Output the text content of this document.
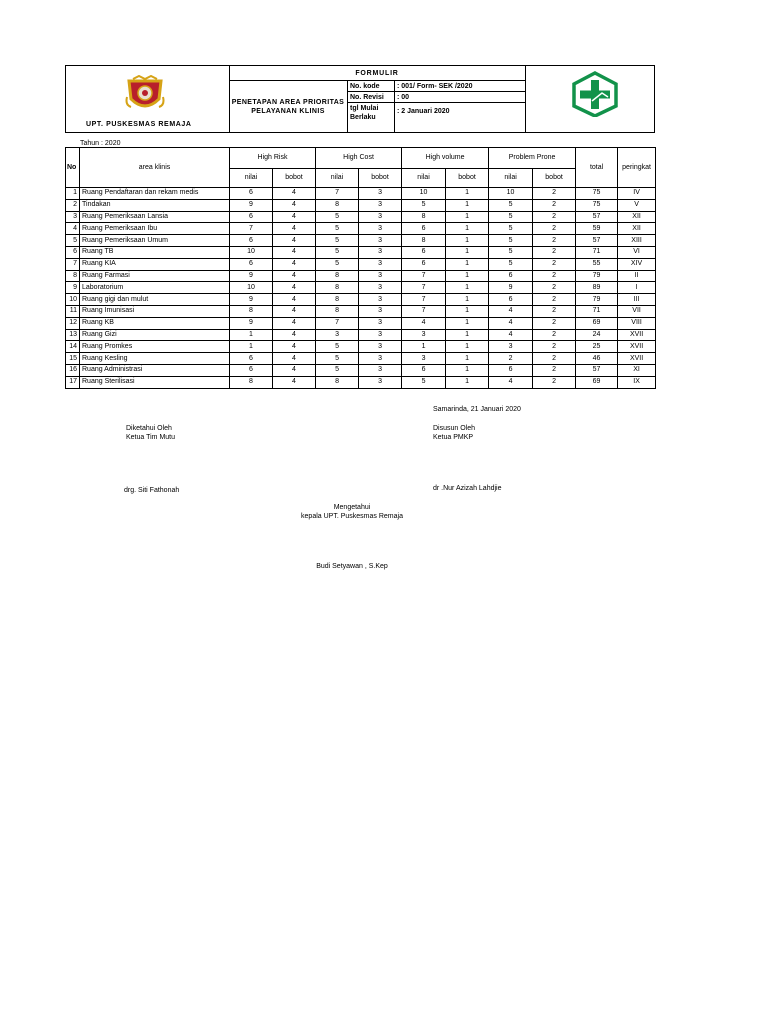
UPT. PUSKESMAS REMAJA
FORMULIR
PENETAPAN AREA PRIORITAS
PELAYANAN KLINIS
No. kode : 001/ Form- SEK /2020
No. Revisi : 00
tgl Mulai Berlaku
: 2 Januari 2020
Tahun : 2020
No	area klinis	High Risk		High Cost		High volume		Problem Prone		total	peringkat
		nilai	bobot	nilai	bobot	nilai	bobot	nilai	bobot		
1	Ruang Pendaftaran dan rekam medis	6	4	7	3	10	1	10	2	75	IV
2	Tindakan	9	4	8	3	5	1	5	2	75	V
3	Ruang Pemeriksaan Lansia	6	4	5	3	8	1	5	2	57	XII
4	Ruang Pemeriksaan Ibu	7	4	5	3	6	1	5	2	59	XII
5	Ruang Pemeriksaan Umum	6	4	5	3	8	1	5	2	57	XIII
6	Ruang TB	10	4	5	3	6	1	5	2	71	VI
7	Ruang KIA	6	4	5	3	6	1	5	2	55	XIV
8	Ruang Farmasi	9	4	8	3	7	1	6	2	79	II
9	Laboratorium	10	4	8	3	7	1	9	2	89	I
10	Ruang gigi dan mulut	9	4	8	3	7	1	6	2	79	III
11	Ruang Imunisasi	8	4	8	3	7	1	4	2	71	VII
12	Ruang KB	9	4	7	3	4	1	4	2	69	VIII
13	Ruang Gizi	1	4	3	3	3	1	4	2	24	XVII
14	Ruang Promkes	1	4	5	3	1	1	3	2	25	XVII
15	Ruang Kesling	6	4	5	3	3	1	2	2	46	XVII
16	Ruang Administrasi	6	4	5	3	6	1	6	2	57	XI
17	Ruang Sterilisasi	8	4	8	3	5	1	4	2	69	IX
Samarinda, 21 Januari 2020
Diketahui Oleh
Ketua Tim Mutu
Disusun Oleh
Ketua PMKP
drg. Siti Fathonah	dr .Nur Azizah Lahdjie
Mengetahui
kepala UPT. Puskesmas Remaja
Budi Setyawan , S.Kep
